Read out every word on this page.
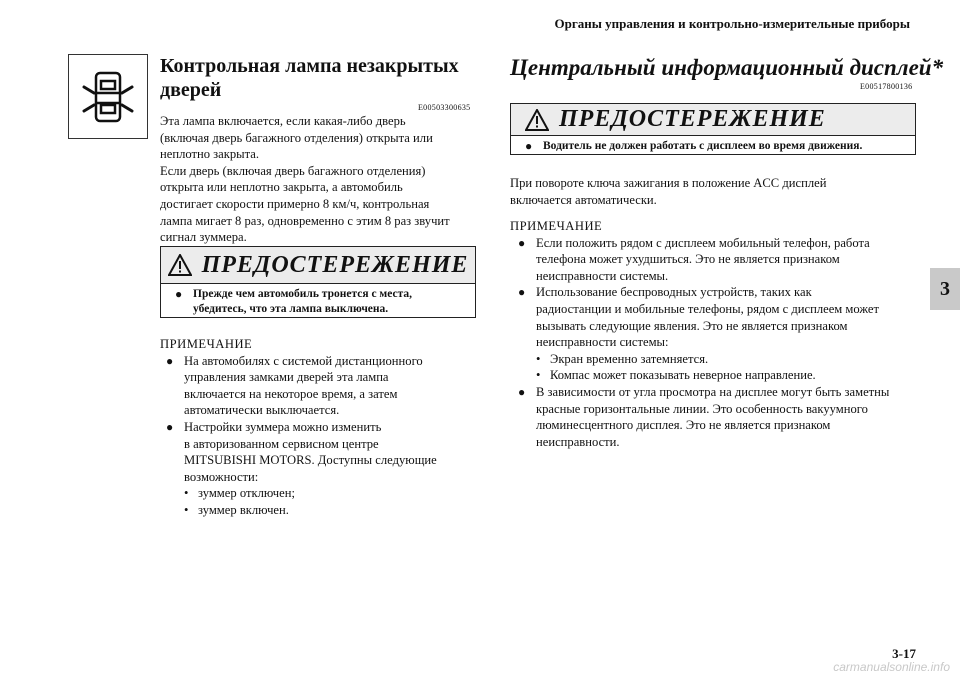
Органы управления и контрольно-измерительные приборы
3
3-17
carmanualsonline.info
Контрольная лампа незакрытых
дверей
E00503300635
Эта лампа включается, если какая-либо дверь
(включая дверь багажного отделения) открыта или
неплотно закрыта.
Если дверь (включая дверь багажного отделения)
открыта или неплотно закрыта, а автомобиль
достигает скорости примерно 8 км/ч, контрольная
лампа мигает 8 раз, одновременно с этим 8 раз звучит
сигнал зуммера.
ПРЕДОСТЕРЕЖЕНИЕ
● Прежде чем автомобиль тронется с места,
убедитесь, что эта лампа выключена.
ПРИМЕЧАНИЕ
● На автомобилях с системой дистанционного
управления замками дверей эта лампа
включается на некоторое время, а затем
автоматически выключается.
● Настройки зуммера можно изменить
в авторизованном сервисном центре
MITSUBISHI MOTORS. Доступны следующие
возможности:
• зуммер отключен;
• зуммер включен.
Центральный информационный дисплей*
E00517800136
ПРЕДОСТЕРЕЖЕНИЕ
● Водитель не должен работать с дисплеем во время движения.
При повороте ключа зажигания в положение ACC дисплей
включается автоматически.
ПРИМЕЧАНИЕ
● Если положить рядом с дисплеем мобильный телефон, работа
телефона может ухудшиться. Это не является признаком
неисправности системы.
● Использование беспроводных устройств, таких как
радиостанции и мобильные телефоны, рядом с дисплеем может
вызывать следующие явления. Это не является признаком
неисправности системы:
• Экран временно затемняется.
• Компас может показывать неверное направление.
● В зависимости от угла просмотра на дисплее могут быть заметны
красные горизонтальные линии. Это особенность вакуумного
люминесцентного дисплея. Это не является признаком
неисправности.
